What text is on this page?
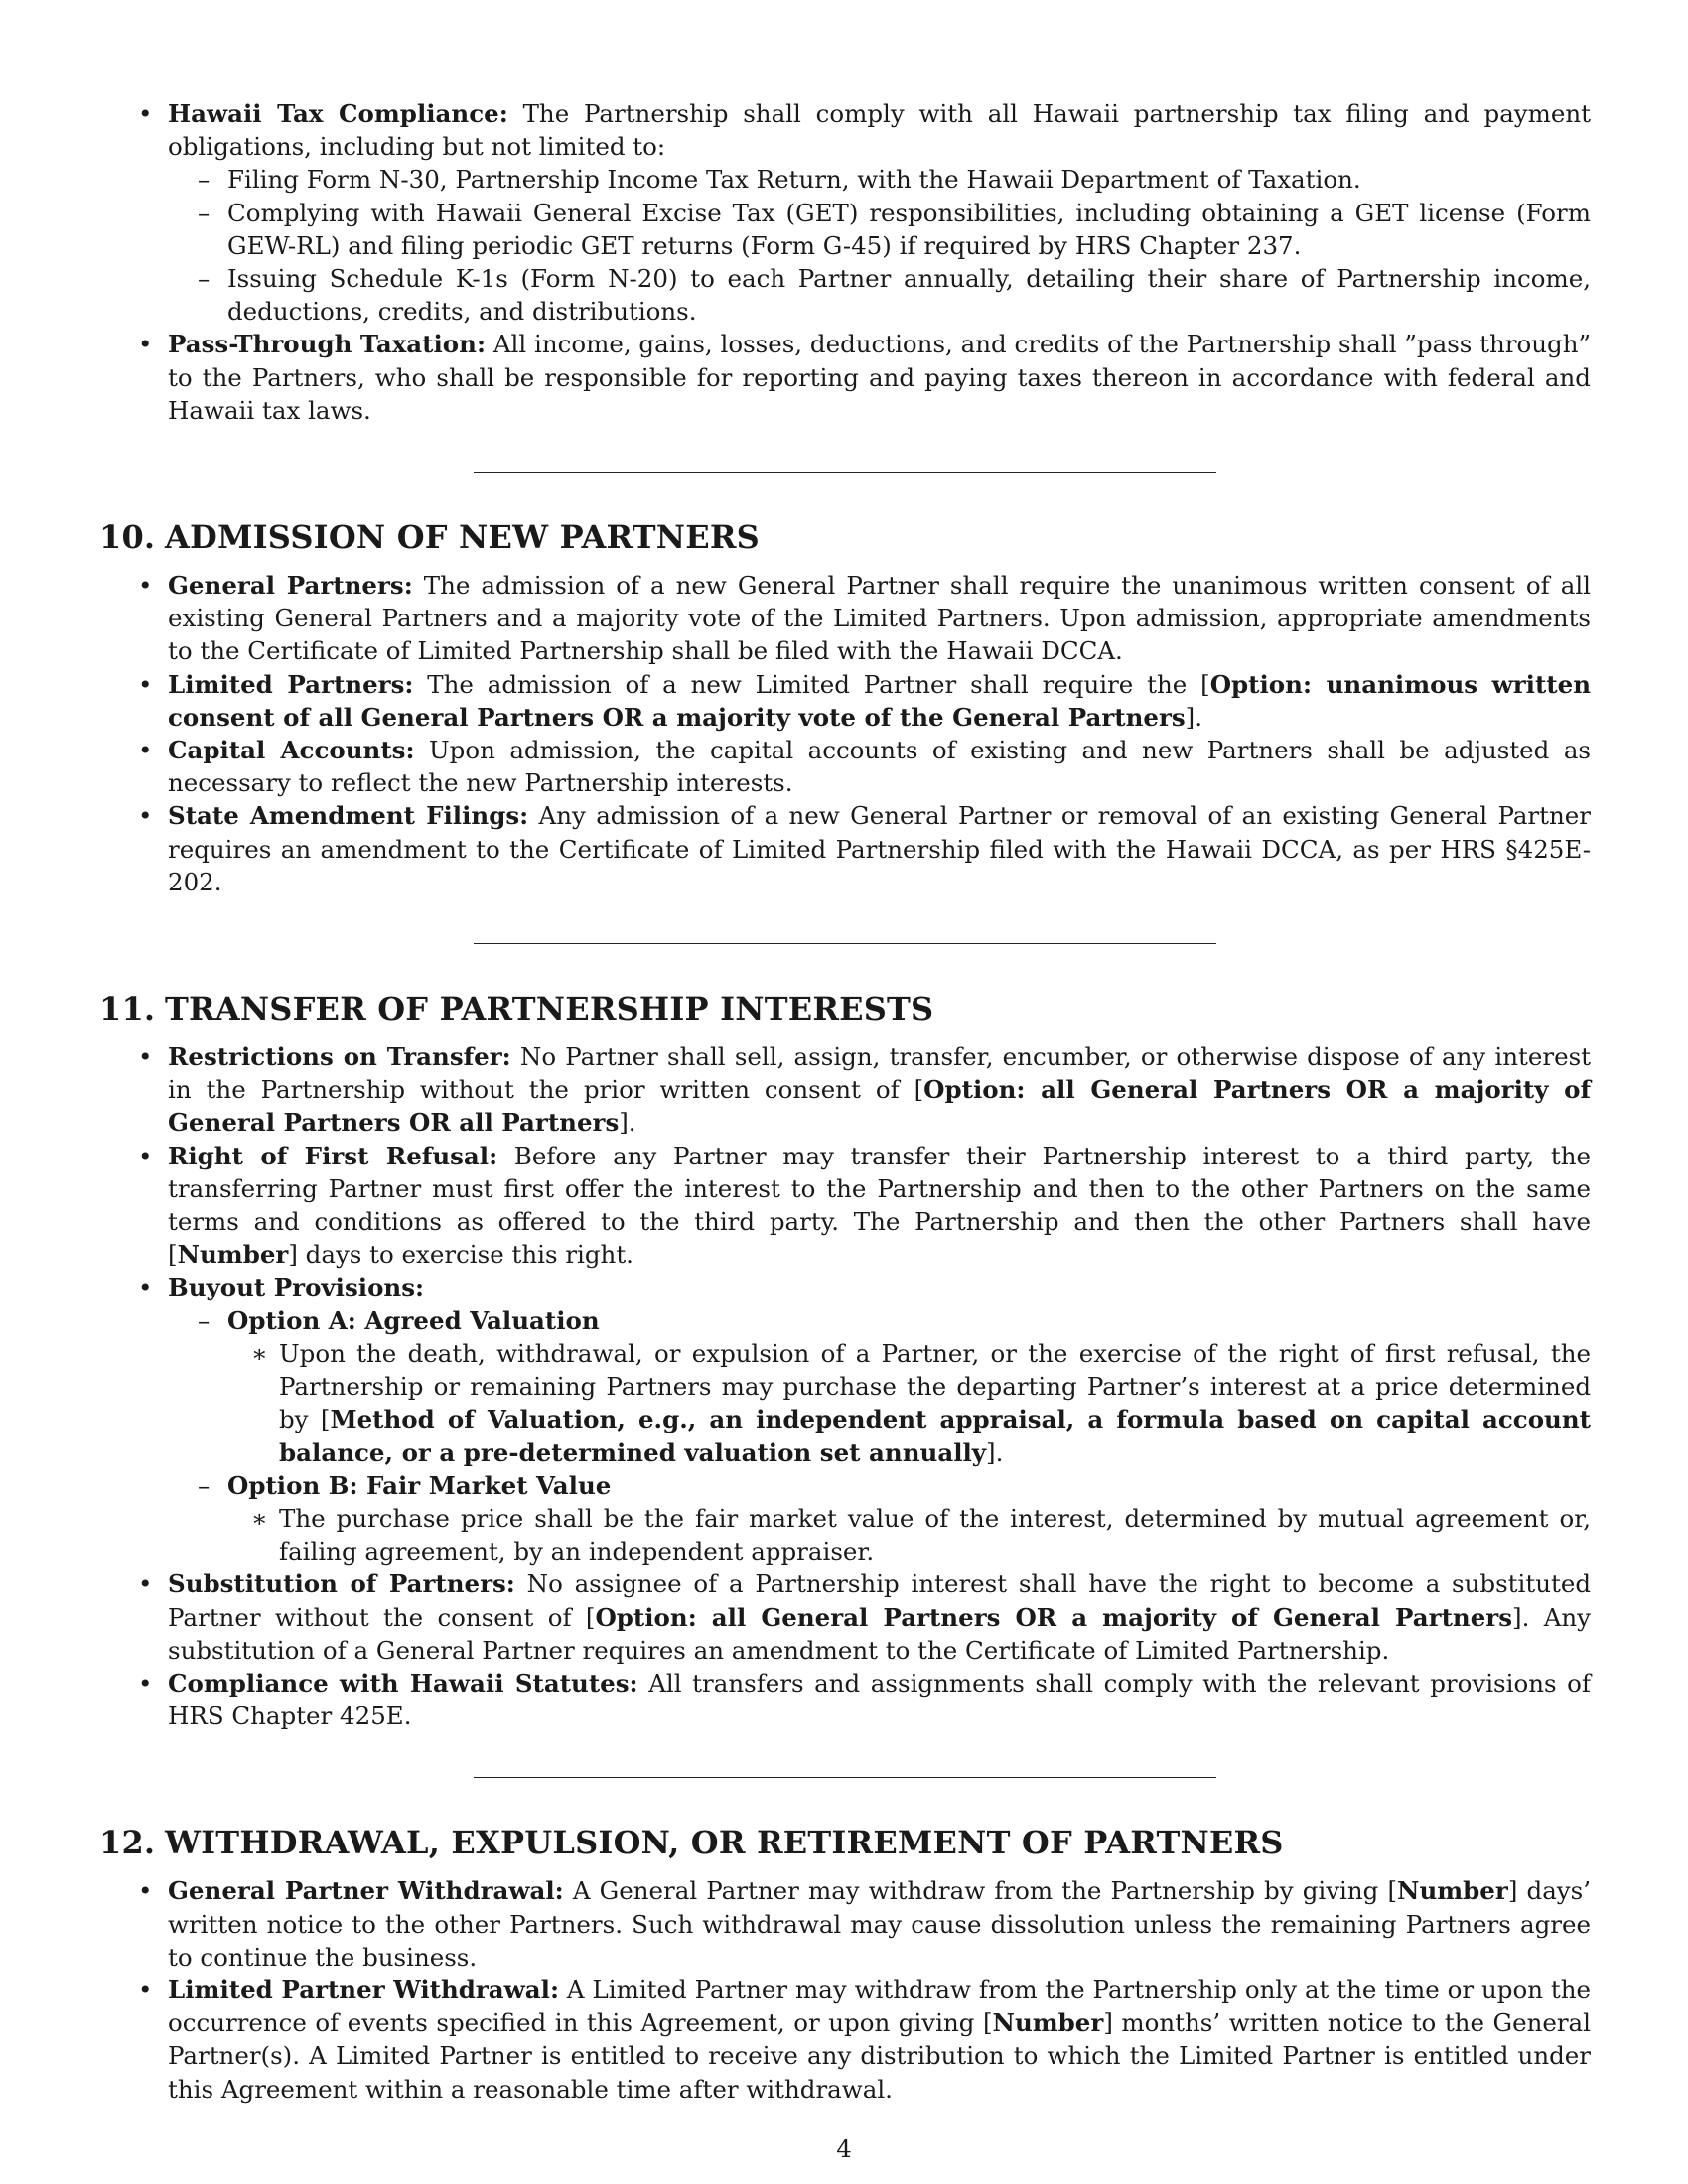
• Hawaii Tax Compliance: The Partnership shall comply with all Hawaii partnership tax filing and payment obligations, including but not limited to:
– Filing Form N-30, Partnership Income Tax Return, with the Hawaii Department of Taxation.
– Complying with Hawaii General Excise Tax (GET) responsibilities, including obtaining a GET license (Form GEW-RL) and filing periodic GET returns (Form G-45) if required by HRS Chapter 237.
– Issuing Schedule K-1s (Form N-20) to each Partner annually, detailing their share of Partnership income, deductions, credits, and distributions.
• Pass-Through Taxation: All income, gains, losses, deductions, and credits of the Partnership shall ”pass through” to the Partners, who shall be responsible for reporting and paying taxes thereon in accordance with federal and Hawaii tax laws.
10. ADMISSION OF NEW PARTNERS
• General Partners: The admission of a new General Partner shall require the unanimous written consent of all existing General Partners and a majority vote of the Limited Partners. Upon admission, appropriate amendments to the Certificate of Limited Partnership shall be filed with the Hawaii DCCA.
• Limited Partners: The admission of a new Limited Partner shall require the [Option: unanimous written consent of all General Partners OR a majority vote of the General Partners].
• Capital Accounts: Upon admission, the capital accounts of existing and new Partners shall be adjusted as necessary to reflect the new Partnership interests.
• State Amendment Filings: Any admission of a new General Partner or removal of an existing General Partner requires an amendment to the Certificate of Limited Partnership filed with the Hawaii DCCA, as per HRS §425E-202.
11. TRANSFER OF PARTNERSHIP INTERESTS
• Restrictions on Transfer: No Partner shall sell, assign, transfer, encumber, or otherwise dispose of any interest in the Partnership without the prior written consent of [Option: all General Partners OR a majority of General Partners OR all Partners].
• Right of First Refusal: Before any Partner may transfer their Partnership interest to a third party, the transferring Partner must first offer the interest to the Partnership and then to the other Partners on the same terms and conditions as offered to the third party. The Partnership and then the other Partners shall have [Number] days to exercise this right.
• Buyout Provisions:
– Option A: Agreed Valuation
∗ Upon the death, withdrawal, or expulsion of a Partner, or the exercise of the right of first refusal, the Partnership or remaining Partners may purchase the departing Partner’s interest at a price determined by [Method of Valuation, e.g., an independent appraisal, a formula based on capital account balance, or a pre-determined valuation set annually].
– Option B: Fair Market Value
∗ The purchase price shall be the fair market value of the interest, determined by mutual agreement or, failing agreement, by an independent appraiser.
• Substitution of Partners: No assignee of a Partnership interest shall have the right to become a substituted Partner without the consent of [Option: all General Partners OR a majority of General Partners]. Any substitution of a General Partner requires an amendment to the Certificate of Limited Partnership.
• Compliance with Hawaii Statutes: All transfers and assignments shall comply with the relevant provisions of HRS Chapter 425E.
12. WITHDRAWAL, EXPULSION, OR RETIREMENT OF PARTNERS
• General Partner Withdrawal: A General Partner may withdraw from the Partnership by giving [Number] days’ written notice to the other Partners. Such withdrawal may cause dissolution unless the remaining Partners agree to continue the business.
• Limited Partner Withdrawal: A Limited Partner may withdraw from the Partnership only at the time or upon the occurrence of events specified in this Agreement, or upon giving [Number] months’ written notice to the General Partner(s). A Limited Partner is entitled to receive any distribution to which the Limited Partner is entitled under this Agreement within a reasonable time after withdrawal.
4
